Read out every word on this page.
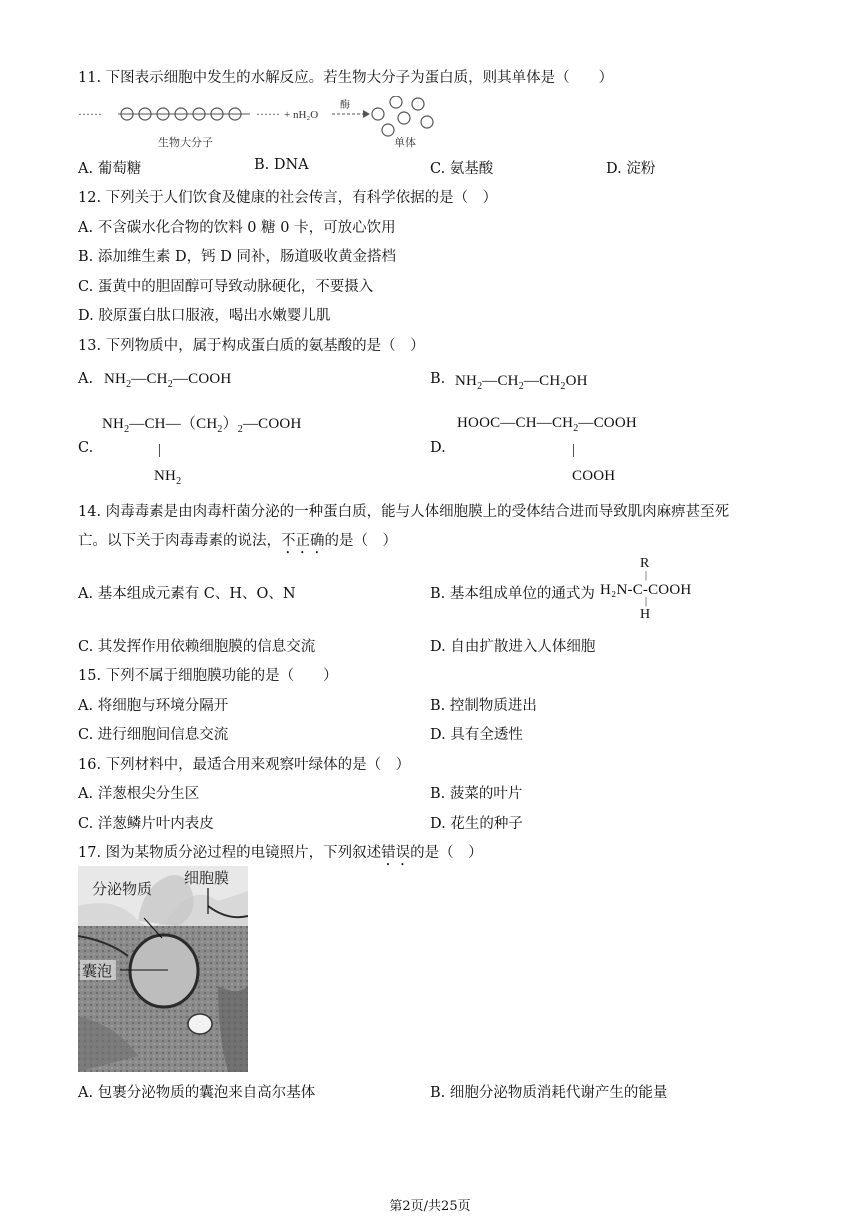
11. 下图表示细胞中发生的水解反应。若生物大分子为蛋白质，则其单体是（　　）
······	······ + nH₂O
酶
生物大分子	单体
A. 葡萄糖	B. DNA	C. 氨基酸	D. 淀粉
12. 下列关于人们饮食及健康的社会传言，有科学依据的是（　）
A. 不含碳水化合物的饮料 0 糖 0 卡，可放心饮用
B. 添加维生素 D，钙 D 同补，肠道吸收黄金搭档
C. 蛋黄中的胆固醇可导致动脉硬化，不要摄入
D. 胶原蛋白肽口服液，喝出水嫩婴儿肌
13. 下列物质中，属于构成蛋白质的氨基酸的是（　）
A. $NH_2—CH_2—COOH$	B. $NH_2—CH_2—CH_2OH$
C.
$NH_2—CH—(CH_2)_2—COOH$
|
$NH_2$
D.
$HOOC—CH—CH_2—COOH$
|
COOH
14. 肉毒毒素是由肉毒杆菌分泌的一种蛋白质，能与人体细胞膜上的受体结合进而导致肌肉麻痹甚至死
亡。以下关于肉毒毒素的说法，不正确的是（　）
A. 基本组成元素有 C、H、O、N	B. 基本组成单位的通式为
R
|
H₂N-C-COOH
|
H
C. 其发挥作用依赖细胞膜的信息交流	D. 自由扩散进入人体细胞
15. 下列不属于细胞膜功能的是（　　）
A. 将细胞与环境分隔开	B. 控制物质进出
C. 进行细胞间信息交流	D. 具有全透性
16. 下列材料中，最适合用来观察叶绿体的是（　）
A. 洋葱根尖分生区	B. 菠菜的叶片
C. 洋葱鳞片叶内表皮	D. 花生的种子
17. 图为某物质分泌过程的电镜照片，下列叙述错误的是（　）
分泌物质
细胞膜
囊泡
A. 包裹分泌物质的囊泡来自高尔基体	B. 细胞分泌物质消耗代谢产生的能量
第2页/共25页
